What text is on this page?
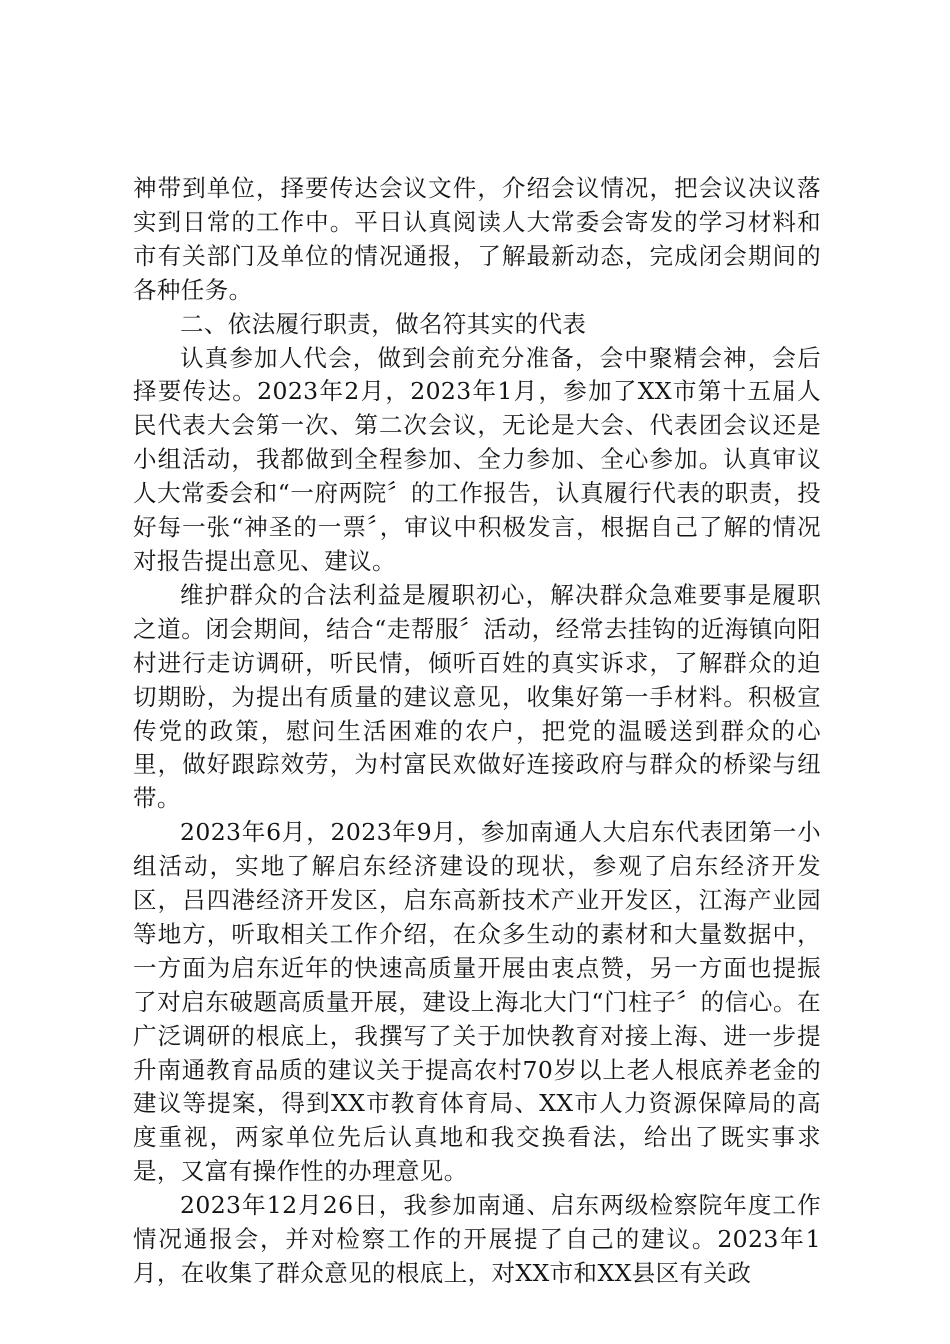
神带到单位，择要传达会议文件，介绍会议情况，把会议决议落实到日常的工作中。平日认真阅读人大常委会寄发的学习材料和市有关部门及单位的情况通报，了解最新动态，完成闭会期间的各种任务。

二、依法履行职责，做名符其实的代表

认真参加人代会，做到会前充分准备，会中聚精会神，会后择要传达。2023年2月，2023年1月，参加了XX市第十五届人民代表大会第一次、第二次会议，无论是大会、代表团会议还是小组活动，我都做到全程参加、全力参加、全心参加。认真审议人大常委会和“一府两院〞的工作报告，认真履行代表的职责，投好每一张“神圣的一票〞，审议中积极发言，根据自己了解的情况对报告提出意见、建议。

维护群众的合法利益是履职初心，解决群众急难要事是履职之道。闭会期间，结合“走帮服〞活动，经常去挂钩的近海镇向阳村进行走访调研，听民情，倾听百姓的真实诉求，了解群众的迫切期盼，为提出有质量的建议意见，收集好第一手材料。积极宣传党的政策，慰问生活困难的农户，把党的温暖送到群众的心里，做好跟踪效劳，为村富民欢做好连接政府与群众的桥梁与纽带。

2023年6月，2023年9月，参加南通人大启东代表团第一小组活动，实地了解启东经济建设的现状，参观了启东经济开发区，吕四港经济开发区，启东高新技术产业开发区，江海产业园等地方，听取相关工作介绍，在众多生动的素材和大量数据中，一方面为启东近年的快速高质量开展由衷点赞，另一方面也提振了对启东破题高质量开展，建设上海北大门“门柱子〞的信心。在广泛调研的根底上，我撰写了关于加快教育对接上海、进一步提升南通教育品质的建议关于提高农村70岁以上老人根底养老金的建议等提案，得到XX市教育体育局、XX市人力资源保障局的高度重视，两家单位先后认真地和我交换看法，给出了既实事求是，又富有操作性的办理意见。

2023年12月26日，我参加南通、启东两级检察院年度工作情况通报会，并对检察工作的开展提了自己的建议。2023年1月，在收集了群众意见的根底上，对XX市和XX县区有关政
